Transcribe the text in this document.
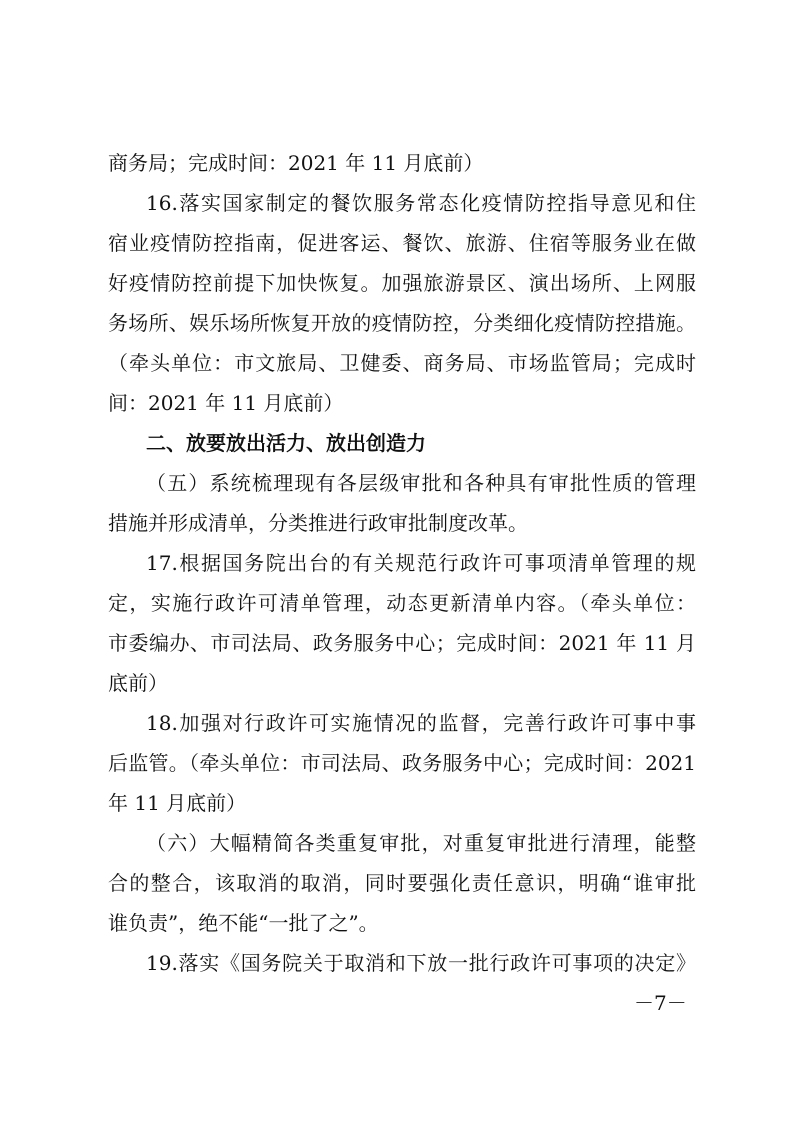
商务局；完成时间：2021 年 11 月底前）
16.落实国家制定的餐饮服务常态化疫情防控指导意见和住
宿业疫情防控指南，促进客运、餐饮、旅游、住宿等服务业在做
好疫情防控前提下加快恢复。加强旅游景区、演出场所、上网服
务场所、娱乐场所恢复开放的疫情防控，分类细化疫情防控措施。
（牵头单位：市文旅局、卫健委、商务局、市场监管局；完成时
间：2021 年 11 月底前）
二、放要放出活力、放出创造力
（五）系统梳理现有各层级审批和各种具有审批性质的管理
措施并形成清单，分类推进行政审批制度改革。
17.根据国务院出台的有关规范行政许可事项清单管理的规
定，实施行政许可清单管理，动态更新清单内容。（牵头单位：
市委编办、市司法局、政务服务中心；完成时间：2021 年 11 月
底前）
18.加强对行政许可实施情况的监督，完善行政许可事中事
后监管。（牵头单位：市司法局、政务服务中心；完成时间：2021
年 11 月底前）
（六）大幅精简各类重复审批，对重复审批进行清理，能整
合的整合，该取消的取消，同时要强化责任意识，明确“谁审批
谁负责”，绝不能“一批了之”。
19.落实《国务院关于取消和下放一批行政许可事项的决定》
－7－
